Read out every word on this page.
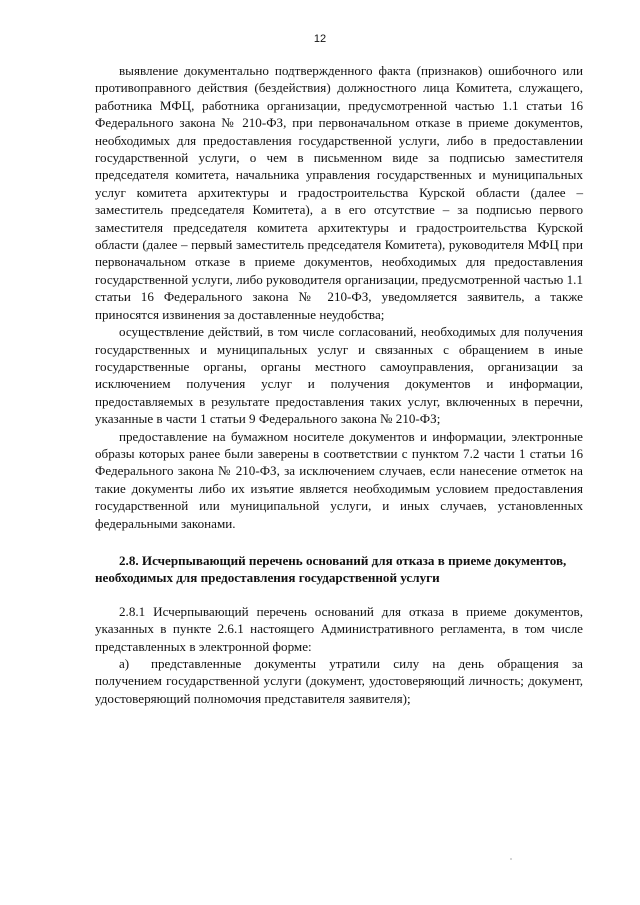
12

выявление документально подтвержденного факта (признаков) ошибочного или противоправного действия (бездействия) должностного лица Комитета, служащего, работника МФЦ, работника организации, предусмотренной частью 1.1 статьи 16 Федерального закона № 210-ФЗ, при первоначальном отказе в приеме документов, необходимых для предоставления государственной услуги, либо в предоставлении государственной услуги, о чем в письменном виде за подписью заместителя председателя комитета, начальника управления государственных и муниципальных услуг комитета архитектуры и градостроительства Курской области (далее – заместитель председателя Комитета), а в его отсутствие – за подписью первого заместителя председателя комитета архитектуры и градостроительства Курской области (далее – первый заместитель председателя Комитета), руководителя МФЦ при первоначальном отказе в приеме документов, необходимых для предоставления государственной услуги, либо руководителя организации, предусмотренной частью 1.1 статьи 16 Федерального закона № 210-ФЗ, уведомляется заявитель, а также приносятся извинения за доставленные неудобства;

осуществление действий, в том числе согласований, необходимых для получения государственных и муниципальных услуг и связанных с обращением в иные государственные органы, органы местного самоуправления, организации за исключением получения услуг и получения документов и информации, предоставляемых в результате предоставления таких услуг, включенных в перечни, указанные в части 1 статьи 9 Федерального закона № 210-ФЗ;

предоставление на бумажном носителе документов и информации, электронные образы которых ранее были заверены в соответствии с пунктом 7.2 части 1 статьи 16 Федерального закона № 210-ФЗ, за исключением случаев, если нанесение отметок на такие документы либо их изъятие является необходимым условием предоставления государственной или муниципальной услуги, и иных случаев, установленных федеральными законами.

2.8. Исчерпывающий перечень оснований для отказа в приеме документов, необходимых для предоставления государственной услуги

2.8.1 Исчерпывающий перечень оснований для отказа в приеме документов, указанных в пункте 2.6.1 настоящего Административного регламента, в том числе представленных в электронной форме:

а) представленные документы утратили силу на день обращения за получением государственной услуги (документ, удостоверяющий личность; документ, удостоверяющий полномочия представителя заявителя);
